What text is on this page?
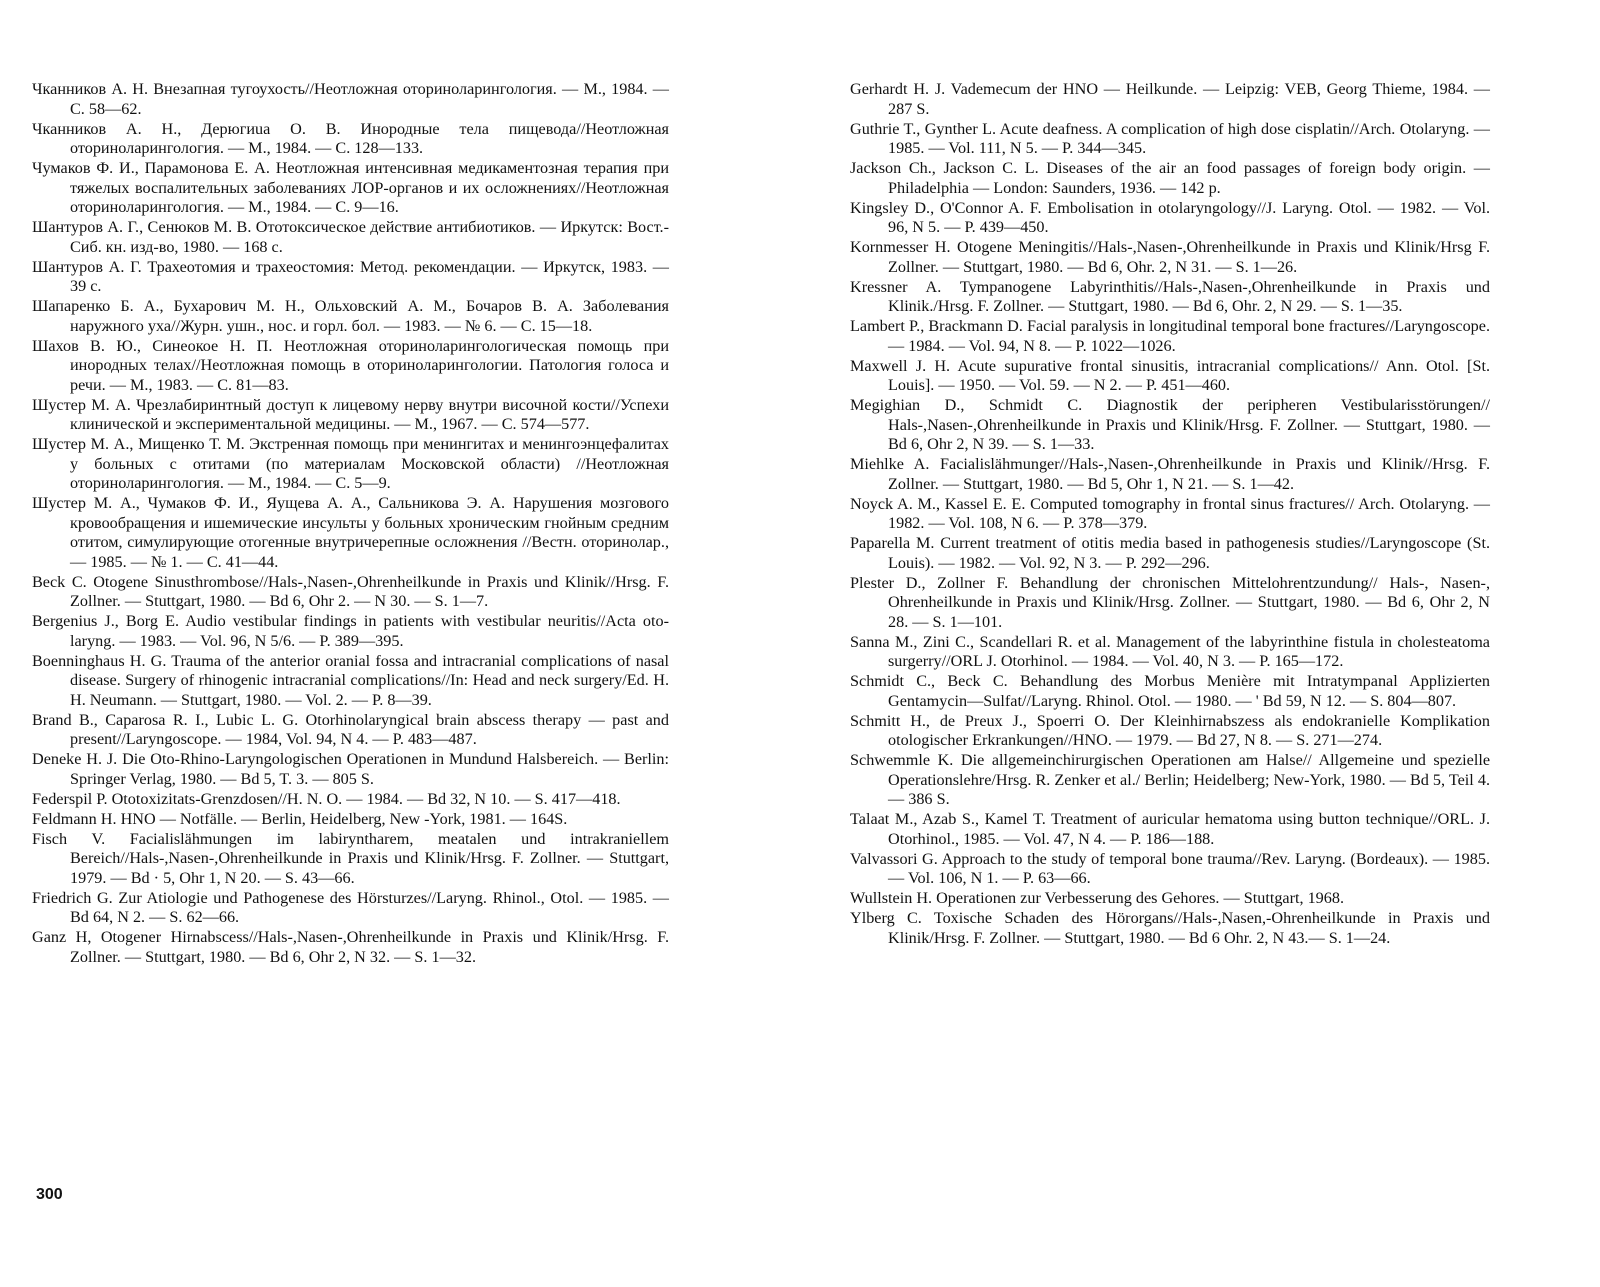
Чканников А. Н. Внезапная тугоухость//Неотложная оториноларингология. — М., 1984. — С. 58—62.

Чканников А. Н., Дерюгиuа О. В. Инородные тела пищевода//Неотложная оториноларингология. — М., 1984. — С. 128—133.

Чумаков Ф. И., Парамонова Е. А. Неотложная интенсивная медикаментозная терапия при тяжелых воспалительных заболеваниях ЛОР-органов и их осложнениях//Неотложная оториноларингология. — М., 1984. — С. 9—16.

Шантуров А. Г., Сенюков М. В. Ототоксическое действие антибиотиков. — Иркутск: Вост.-Сиб. кн. изд-во, 1980. — 168 с.

Шантуров А. Г. Трахеотомия и трахеостомия: Метод. рекомендации. — Иркутск, 1983. — 39 с.

Шапаренко Б. А., Бухарович М. Н., Ольховский А. М., Бочаров В. А. Заболевания наружного уха//Журн. ушн., нос. и горл. бол. — 1983. — № 6. — С. 15—18.

Шахов В. Ю., Синеокое Н. П. Неотложная оториноларингологическая помощь при инородных телах//Неотложная помощь в оториноларингологии. Патология голоса и речи. — М., 1983. — С. 81—83.

Шустер М. А. Чрезлабиринтный доступ к лицевому нерву внутри височной кости//Успехи клинической и экспериментальной медицины. — М., 1967. — С. 574—577.

Шустер М. А., Мищенко Т. М. Экстренная помощь при менингитах и менингоэнцефалитах у больных с отитами (по материалам Московской области) //Неотложная оториноларингология. — М., 1984. — С. 5—9.

Шустер М. А., Чумаков Ф. И., Яущева А. А., Сальникова Э. А. Нарушения мозгового кровообращения и ишемические инсульты у больных хроническим гнойным средним отитом, симулирующие отогенные внутричерепные осложнения //Вестн. оторинолар., — 1985. — № 1. — С. 41—44.

Beck С. Otogene Sinusthrombose//Hals-,Nasen-,Ohrenheilkunde in Praxis und Klinik//Hrsg. F. Zollner. — Stuttgart, 1980. — Bd 6, Ohr 2. — N 30. — S. 1—7.

Bergenius J., Borg E. Audio vestibular findings in patients with vestibular neuritis//Acta oto-laryng. — 1983. — Vol. 96, N 5/6. — P. 389—395.

Boenninghaus H. G. Trauma of the anterior oranial fossa and intracranial complications of nasal disease. Surgery of rhinogenic intracranial complications//In: Head and neck surgery/Ed. H. H. Neumann. — Stuttgart, 1980. — Vol. 2. — P. 8—39.

Brand B., Caparosa R. I., Lubic L. G. Otorhinolaryngical brain abscess therapy — past and present//Laryngoscope. — 1984, Vol. 94, N 4. — P. 483—487.

Deneke H. J. Die Oto-Rhino-Laryngologischen Operationen in Mundund Halsbereich. — Berlin: Springer Verlag, 1980. — Bd 5, T. 3. — 805 S.

Federspil P. Ototoxizitats-Grenzdosen//H. N. O. — 1984. — Bd 32, N 10. — S. 417—418.

Feldmann H. HNO — Notfälle. — Berlin, Heidelberg, New -York, 1981. — 164S.

Fisch V. Facialislähmungen im labiryntharem, meatalen und intrakraniellem Bereich//Hals-,Nasen-,Ohrenheilkunde in Praxis und Klinik/Hrsg. F. Zollner. — Stuttgart, 1979. — Bd · 5, Ohr 1, N 20. — S. 43—66.

Friedrich G. Zur Atiologie und Pathogenese des Hörsturzes//Laryng. Rhinol., Otol. — 1985. — Bd 64, N 2. — S. 62—66.

Ganz H, Otogener Hirnabscess//Hals-,Nasen-,Ohrenheilkunde in Praxis und Klinik/Hrsg. F. Zollner. — Stuttgart, 1980. — Bd 6, Ohr 2, N 32. — S. 1—32.

Gerhardt H. J. Vademecum der HNO — Heilkunde. — Leipzig: VEB, Georg Thieme, 1984. — 287 S.

Guthrie T., Gynther L. Acute deafness. A complication of high dose cisplatin//Arch. Otolaryng. — 1985. — Vol. 111, N 5. — P. 344—345.

Jackson Ch., Jackson C. L. Diseases of the air an food passages of foreign body origin. — Philadelphia — London: Saunders, 1936. — 142 p.

Kingsley D., O'Connor A. F. Embolisation in otolaryngology//J. Laryng. Otol. — 1982. — Vol. 96, N 5. — P. 439—450.

Kornmesser H. Otogene Meningitis//Hals-,Nasen-,Ohrenheilkunde in Praxis und Klinik/Hrsg F. Zollner. — Stuttgart, 1980. — Bd 6, Ohr. 2, N 31. — S. 1—26.

Kressner A. Tympanogene Labyrinthitis//Hals-,Nasen-,Ohrenheilkunde in Praxis und Klinik./Hrsg. F. Zollner. — Stuttgart, 1980. — Bd 6, Ohr. 2, N 29. — S. 1—35.

Lambert P., Brackmann D. Facial paralysis in longitudinal temporal bone fractures//Laryngoscope. — 1984. — Vol. 94, N 8. — P. 1022—1026.

Maxwell J. H. Acute supurative frontal sinusitis, intracranial complications// Ann. Otol. [St. Louis]. — 1950. — Vol. 59. — N 2. — P. 451—460.

Megighian D., Schmidt C. Diagnostik der peripheren Vestibularisstörungen// Hals-,Nasen-,Ohrenheilkunde in Praxis und Klinik/Hrsg. F. Zollner. — Stuttgart, 1980. — Bd 6, Ohr 2, N 39. — S. 1—33.

Miehlke A. Facialislähmunger//Hals-,Nasen-,Ohrenheilkunde in Praxis und Klinik//Hrsg. F. Zollner. — Stuttgart, 1980. — Bd 5, Ohr 1, N 21. — S. 1—42.

Noyck A. M., Kassel E. E. Computed tomography in frontal sinus fractures// Arch. Otolaryng. — 1982. — Vol. 108, N 6. — P. 378—379.

Paparella M. Current treatment of otitis media based in pathogenesis studies//Laryngoscope (St. Louis). — 1982. — Vol. 92, N 3. — P. 292—296.

Plester D., Zollner F. Behandlung der chronischen Mittelohrentzundung// Hals-, Nasen-, Ohrenheilkunde in Praxis und Klinik/Hrsg. Zollner. — Stuttgart, 1980. — Bd 6, Ohr 2, N 28. — S. 1—101.

Sanna M., Zini C., Scandellari R. et al. Management of the labyrinthine fistula in cholesteatoma surgerry//ORL J. Otorhinol. — 1984. — Vol. 40, N 3. — P. 165—172.

Schmidt C., Beck C. Behandlung des Morbus Menière mit Intratympanal Applizierten Gentamycin—Sulfat//Laryng. Rhinol. Otol. — 1980. — ' Bd 59, N 12. — S. 804—807.

Schmitt H., de Preux J., Spoerri O. Der Kleinhirnabszess als endokranielle Komplikation otologischer Erkrankungen//HNO. — 1979. — Bd 27, N 8. — S. 271—274.

Schwemmle K. Die allgemeinchirurgischen Operationen am Halse// Allgemeine und spezielle Operationslehre/Hrsg. R. Zenker et al./ Berlin; Heidelberg; New-York, 1980. — Bd 5, Teil 4. — 386 S.

Talaat M., Azab S., Kamel T. Treatment of auricular hematoma using button technique//ORL. J. Otorhinol., 1985. — Vol. 47, N 4. — P. 186—188.

Valvassori G. Approach to the study of temporal bone trauma//Rev. Laryng. (Bordeaux). — 1985. — Vol. 106, N 1. — P. 63—66.

Wullstein H. Operationen zur Verbesserung des Gehores. — Stuttgart, 1968.

Ylberg C. Toxische Schaden des Hörorgans//Hals-,Nasen,-Ohrenheilkunde in Praxis und Klinik/Hrsg. F. Zollner. — Stuttgart, 1980. — Bd 6 Ohr. 2, N 43.— S. 1—24.

300
